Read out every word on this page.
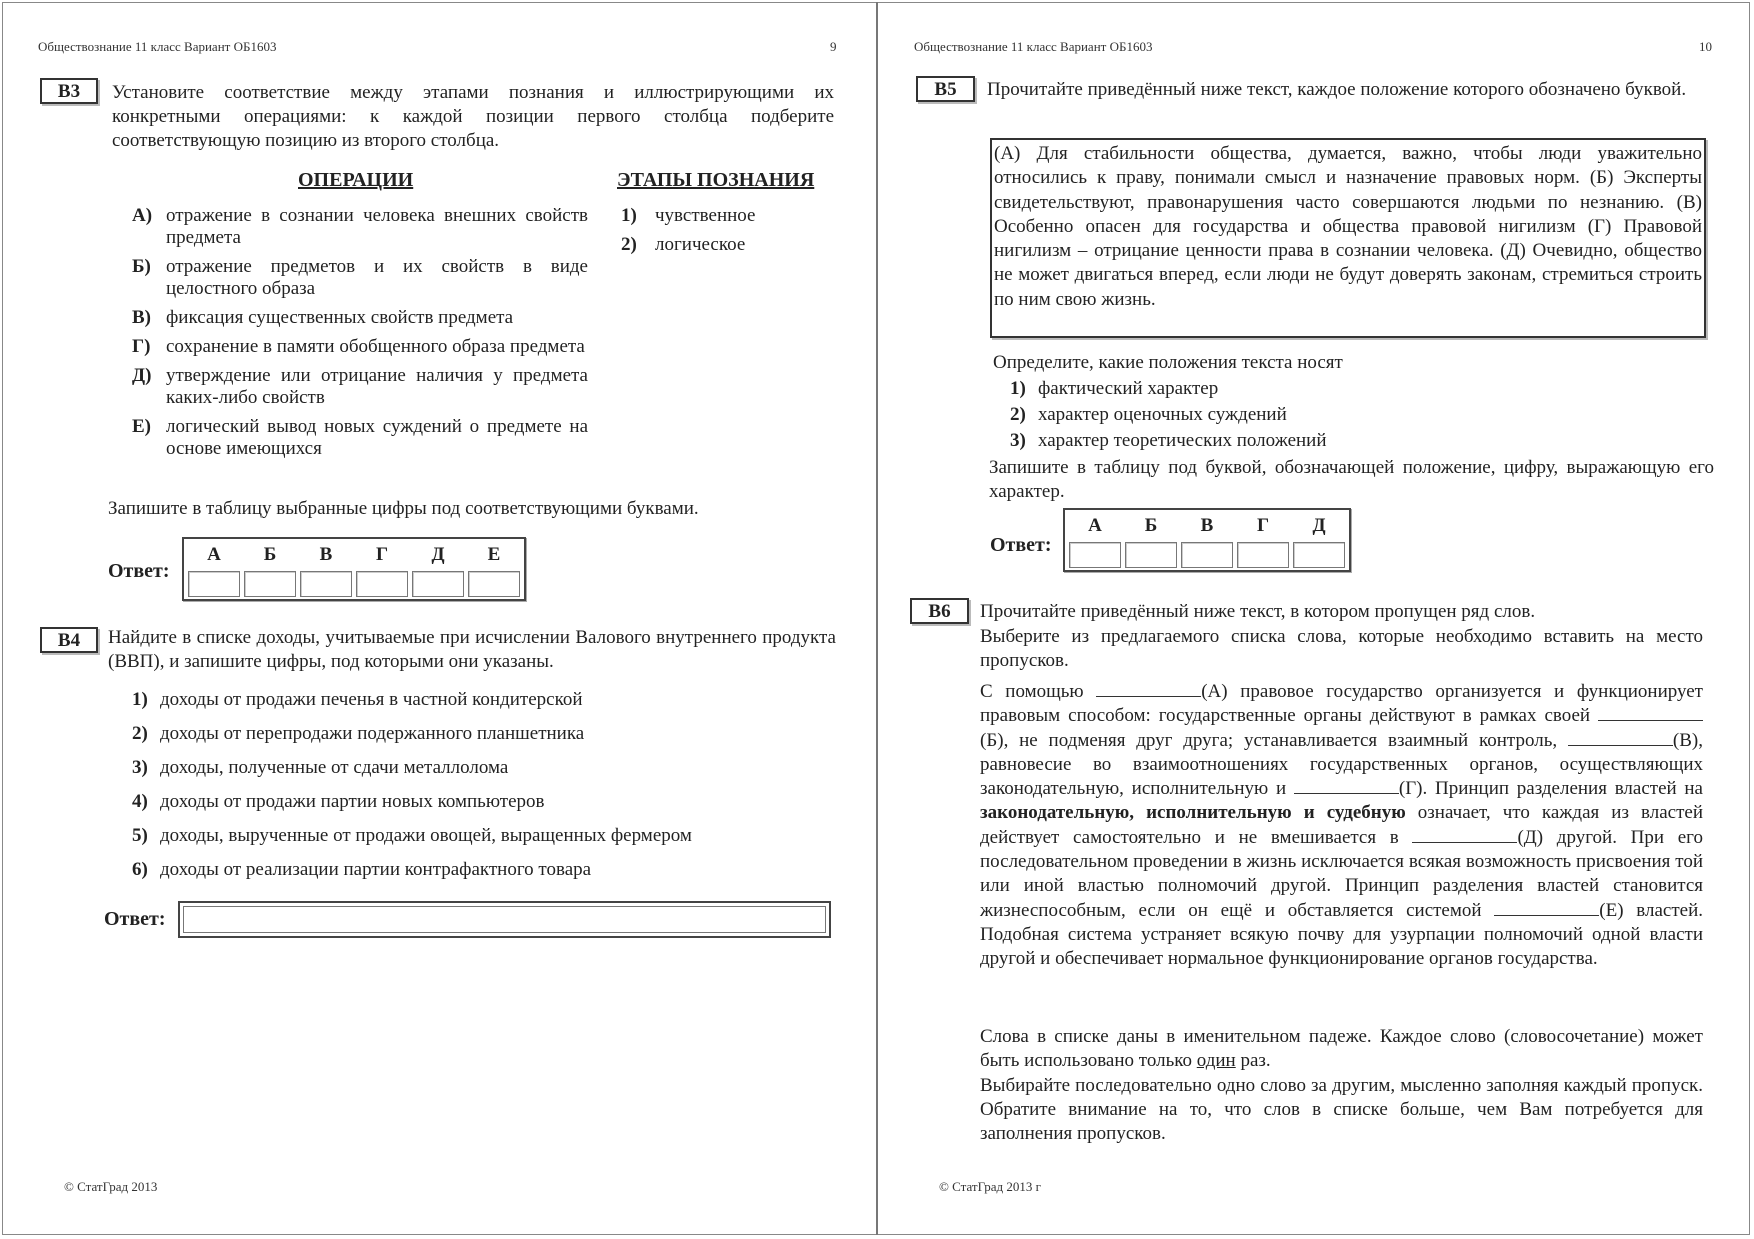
Обществознание 11 класс Вариант ОБ1603	9
B3	Установите соответствие между этапами познания и иллюстрирующими их конкретными операциями: к каждой позиции первого столбца подберите соответствующую позицию из второго столбца.
ОПЕРАЦИИ	ЭТАПЫ ПОЗНАНИЯ
А) отражение в сознании человека внешних свойств предмета
Б) отражение предметов и их свойств в виде целостного образа
В) фиксация существенных свойств предмета
Г) сохранение в памяти обобщенного образа предмета
Д) утверждение или отрицание наличия у предмета каких-либо свойств
Е) логический вывод новых суждений о предмете на основе имеющихся
1) чувственное
2) логическое
Запишите в таблицу выбранные цифры под соответствующими буквами.
Ответ:
А	Б	В	Г	Д	Е

B4	Найдите в списке доходы, учитываемые при исчислении Валового внутреннего продукта (ВВП), и запишите цифры, под которыми они указаны.
1) доходы от продажи печенья в частной кондитерской
2) доходы от перепродажи подержанного планшетника
3) доходы, полученные от сдачи металлолома
4) доходы от продажи партии новых компьютеров
5) доходы, вырученные от продажи овощей, выращенных фермером
6) доходы от реализации партии контрафактного товара
Ответ:
© СтатГрад 2013
Обществознание 11 класс Вариант ОБ1603	10
B5	Прочитайте приведённый ниже текст, каждое положение которого обозначено буквой.
(А) Для стабильности общества, думается, важно, чтобы люди уважительно относились к праву, понимали смысл и назначение правовых норм. (Б) Эксперты свидетельствуют, правонарушения часто совершаются людьми по незнанию. (В) Особенно опасен для государства и общества правовой нигилизм (Г) Правовой нигилизм – отрицание ценности права в сознании человека. (Д) Очевидно, общество не может двигаться вперед, если люди не будут доверять законам, стремиться строить по ним свою жизнь.
Определите, какие положения текста носят
1) фактический характер
2) характер оценочных суждений
3) характер теоретических положений
Запишите в таблицу под буквой, обозначающей положение, цифру, выражающую его характер.
Ответ:
А	Б	В	Г	Д

B6	Прочитайте приведённый ниже текст, в котором пропущен ряд слов.
Выберите из предлагаемого списка слова, которые необходимо вставить на место пропусков.
С помощью	(А) правовое государство организуется и функционирует правовым способом: государственные органы действуют в рамках своей (Б), не подменяя друг друга; устанавливается взаимный контроль,	(В), равновесие во взаимоотношениях государственных органов, осуществляющих законодательную, исполнительную и	(Г). Принцип разделения властей на законодательную, исполнительную и судебную означает, что каждая из властей действует самостоятельно и не вмешивается в	(Д) другой. При его последовательном проведении в жизнь исключается всякая возможность присвоения той или иной властью полномочий другой. Принцип разделения властей становится жизнеспособным, если он ещё и обставляется системой	(Е) властей. Подобная система устраняет всякую почву для узурпации полномочий одной власти другой и обеспечивает нормальное функционирование органов государства.
Слова в списке даны в именительном падеже. Каждое слово (словосочетание) может быть использовано только один раз.
Выбирайте последовательно одно слово за другим, мысленно заполняя каждый пропуск. Обратите внимание на то, что слов в списке больше, чем Вам потребуется для заполнения пропусков.
© СтатГрад 2013 г
